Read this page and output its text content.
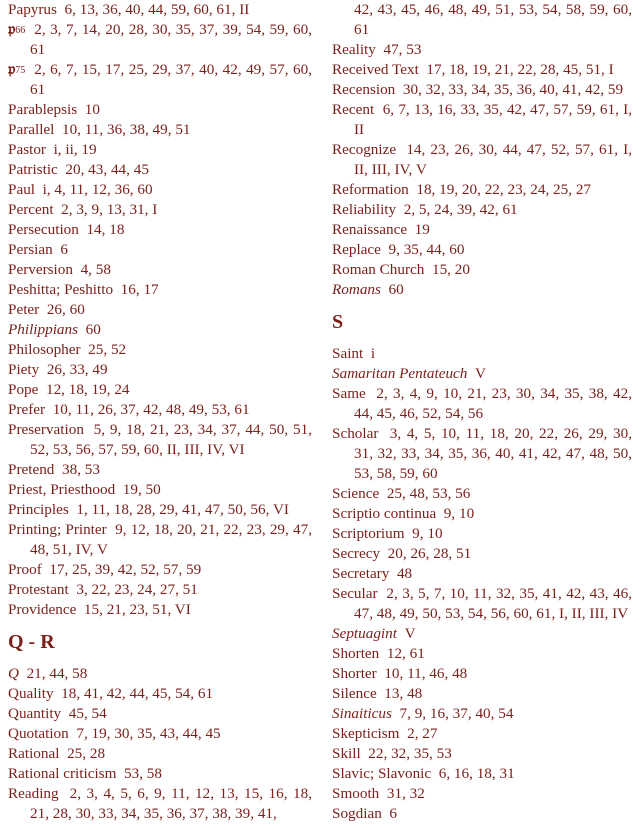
Papyrus 6, 13, 36, 40, 44, 59, 60, 61, II
𝔭$^{66}$ 2, 3, 7, 14, 20, 28, 30, 35, 37, 39, 54, 59, 60, 61
𝔭$^{75}$ 2, 6, 7, 15, 17, 25, 29, 37, 40, 42, 49, 57, 60, 61
Parablepsis 10
Parallel 10, 11, 36, 38, 49, 51
Pastor i, ii, 19
Patristic 20, 43, 44, 45
Paul i, 4, 11, 12, 36, 60
Percent 2, 3, 9, 13, 31, I
Persecution 14, 18
Persian 6
Perversion 4, 58
Peshitta; Peshitto 16, 17
Peter 26, 60
Philippians 60
Philosopher 25, 52
Piety 26, 33, 49
Pope 12, 18, 19, 24
Prefer 10, 11, 26, 37, 42, 48, 49, 53, 61
Preservation 5, 9, 18, 21, 23, 34, 37, 44, 50, 51, 52, 53, 56, 57, 59, 60, II, III, IV, VI
Pretend 38, 53
Priest, Priesthood 19, 50
Principles 1, 11, 18, 28, 29, 41, 47, 50, 56, VI
Printing; Printer 9, 12, 18, 20, 21, 22, 23, 29, 47, 48, 51, IV, V
Proof 17, 25, 39, 42, 52, 57, 59
Protestant 3, 22, 23, 24, 27, 51
Providence 15, 21, 23, 51, VI
Q - R
Q 21, 44, 58
Quality 18, 41, 42, 44, 45, 54, 61
Quantity 45, 54
Quotation 7, 19, 30, 35, 43, 44, 45
Rational 25, 28
Rational criticism 53, 58
Reading 2, 3, 4, 5, 6, 9, 11, 12, 13, 15, 16, 18, 21, 28, 30, 33, 34, 35, 36, 37, 38, 39, 41,
42, 43, 45, 46, 48, 49, 51, 53, 54, 58, 59, 60, 61
Reality 47, 53
Received Text 17, 18, 19, 21, 22, 28, 45, 51, I
Recension 30, 32, 33, 34, 35, 36, 40, 41, 42, 59
Recent 6, 7, 13, 16, 33, 35, 42, 47, 57, 59, 61, I, II
Recognize 14, 23, 26, 30, 44, 47, 52, 57, 61, I, II, III, IV, V
Reformation 18, 19, 20, 22, 23, 24, 25, 27
Reliability 2, 5, 24, 39, 42, 61
Renaissance 19
Replace 9, 35, 44, 60
Roman Church 15, 20
Romans 60
S
Saint i
Samaritan Pentateuch V
Same 2, 3, 4, 9, 10, 21, 23, 30, 34, 35, 38, 42, 44, 45, 46, 52, 54, 56
Scholar 3, 4, 5, 10, 11, 18, 20, 22, 26, 29, 30, 31, 32, 33, 34, 35, 36, 40, 41, 42, 47, 48, 50, 53, 58, 59, 60
Science 25, 48, 53, 56
Scriptio continua 9, 10
Scriptorium 9, 10
Secrecy 20, 26, 28, 51
Secretary 48
Secular 2, 3, 5, 7, 10, 11, 32, 35, 41, 42, 43, 46, 47, 48, 49, 50, 53, 54, 56, 60, 61, I, II, III, IV
Septuagint V
Shorten 12, 61
Shorter 10, 11, 46, 48
Silence 13, 48
Sinaiticus 7, 9, 16, 37, 40, 54
Skepticism 2, 27
Skill 22, 32, 35, 53
Slavic; Slavonic 6, 16, 18, 31
Smooth 31, 32
Sogdian 6
